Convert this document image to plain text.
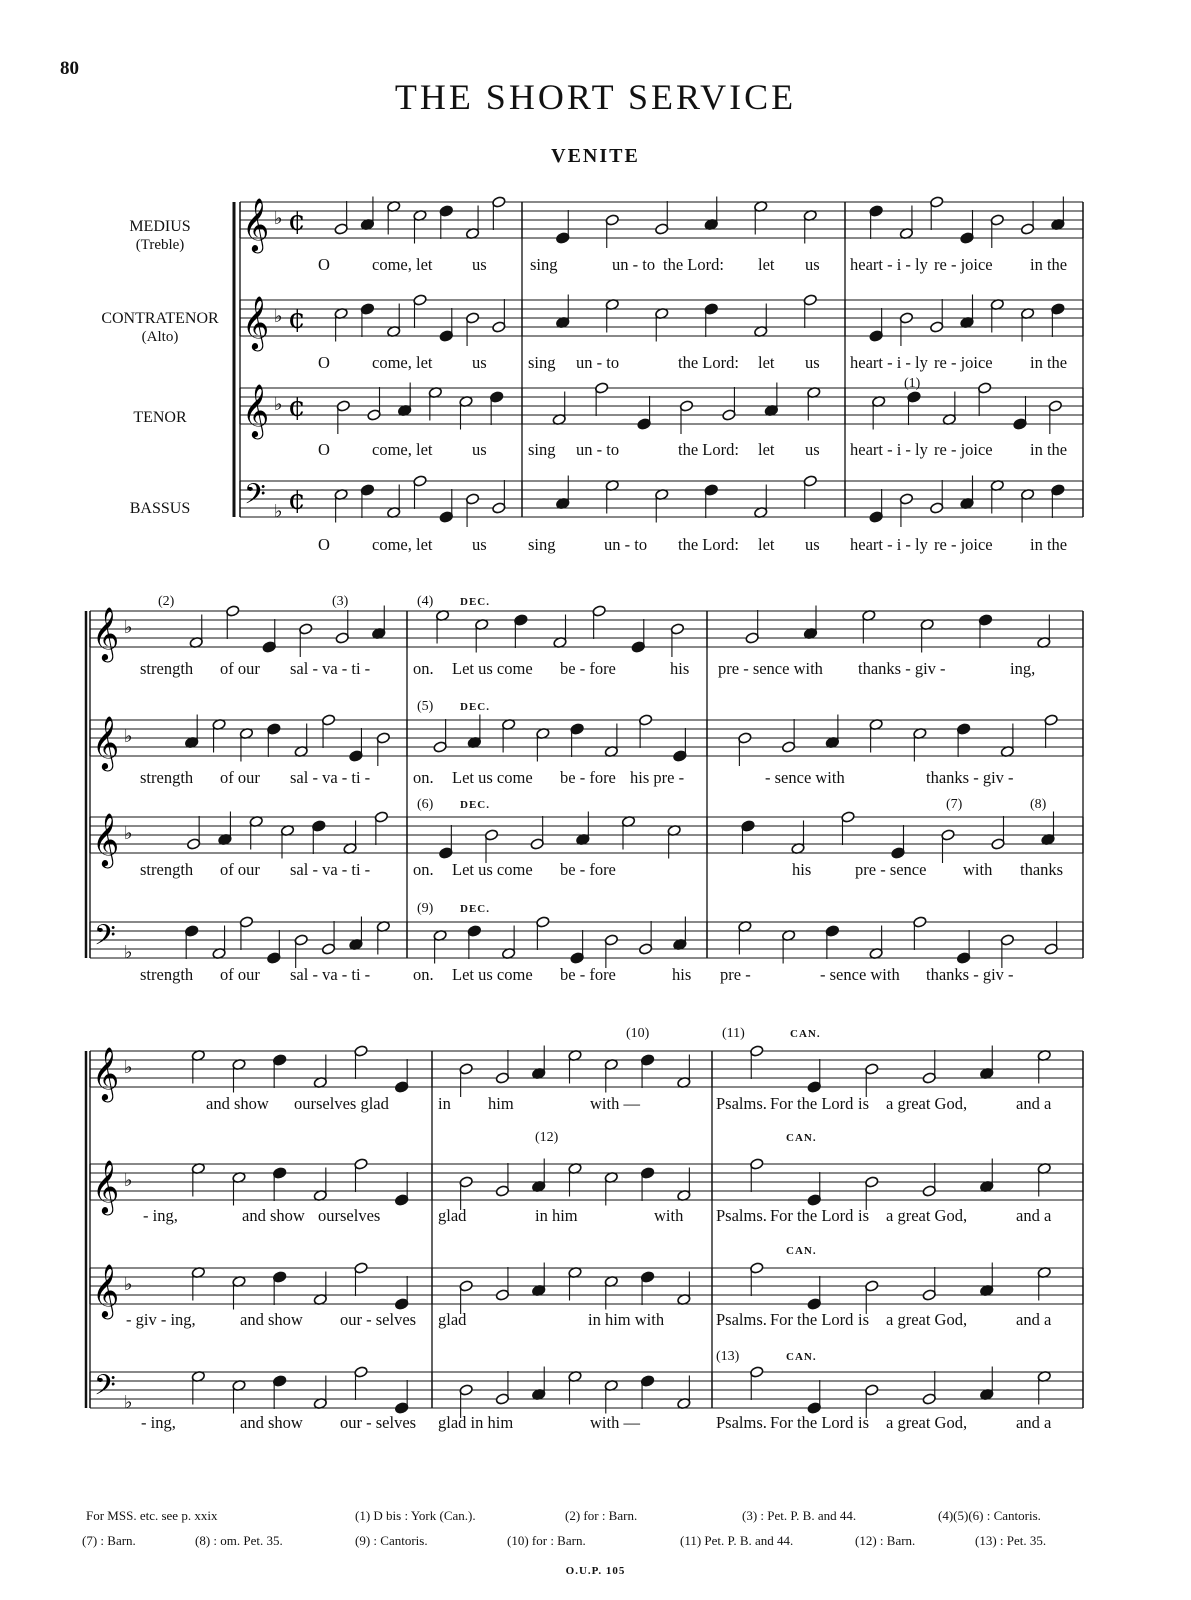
80
THE SHORT SERVICE
VENITE
MEDIUS
(Treble)
CONTRATENOR
(Alto)
TENOR
BASSUS
𝄞 ♭ ¢
𝄞 ♭ ¢
𝄞 ♭ ¢
𝄢 ♭ ¢
𝄞 ♭
𝄞 ♭
𝄞 ♭
𝄢 ♭
𝄞 ♭
𝄞 ♭
𝄞 ♭
𝄢 ♭
O	come, let us	sing	un - to the Lord: let us heart - i - ly re - joice in the
O	come, let us	sing un - to	the Lord: let us heart - i - ly re - joice in the
O	come, let us	sing un - to	the Lord: let us heart - i - ly re - joice in the
O	come, let us	sing	un - to the Lord: let us heart - i - ly re - joice in the
(1)
strength of our sal - va - ti -	on. Let us come be - fore	his pre - sence with thanks - giv -	ing,
strength of our sal - va - ti -	on. Let us come be - fore his pre -	- sence with	thanks - giv -
strength of our sal - va - ti -	on. Let us come be - fore	his	pre - sence with thanks
strength of our sal - va - ti -	on. Let us come be - fore	his pre -	- sence with thanks - giv -
(2)	(3)	(4)
(5)
(6)	(7)	(8)
(9)
DEC.
DEC.
DEC.
DEC.
and show ourselves glad	in him	with —	Psalms. For the Lord is a great God,	and a
- ing,	and show ourselves	glad	in him	with Psalms. For the Lord is a great God,	and a
- giv - ing,	and show our - selves glad	in him with	Psalms. For the Lord is a great God,	and a
- ing,	and show our - selves glad in him	with —	Psalms. For the Lord is a great God,	and a
(10)	(11)
(12)
(13)
CAN.
CAN.
CAN.
CAN.
For MSS. etc. see p. xxix	(1) D bis : York (Can.).	(2) for : Barn.	(3) : Pet. P. B. and 44.	(4)(5)(6) : Cantoris.
(7) : Barn.	(8) : om. Pet. 35.	(9) : Cantoris.	(10) for : Barn.	(11) Pet. P. B. and 44.	(12) : Barn.	(13) : Pet. 35.
O.U.P. 105
